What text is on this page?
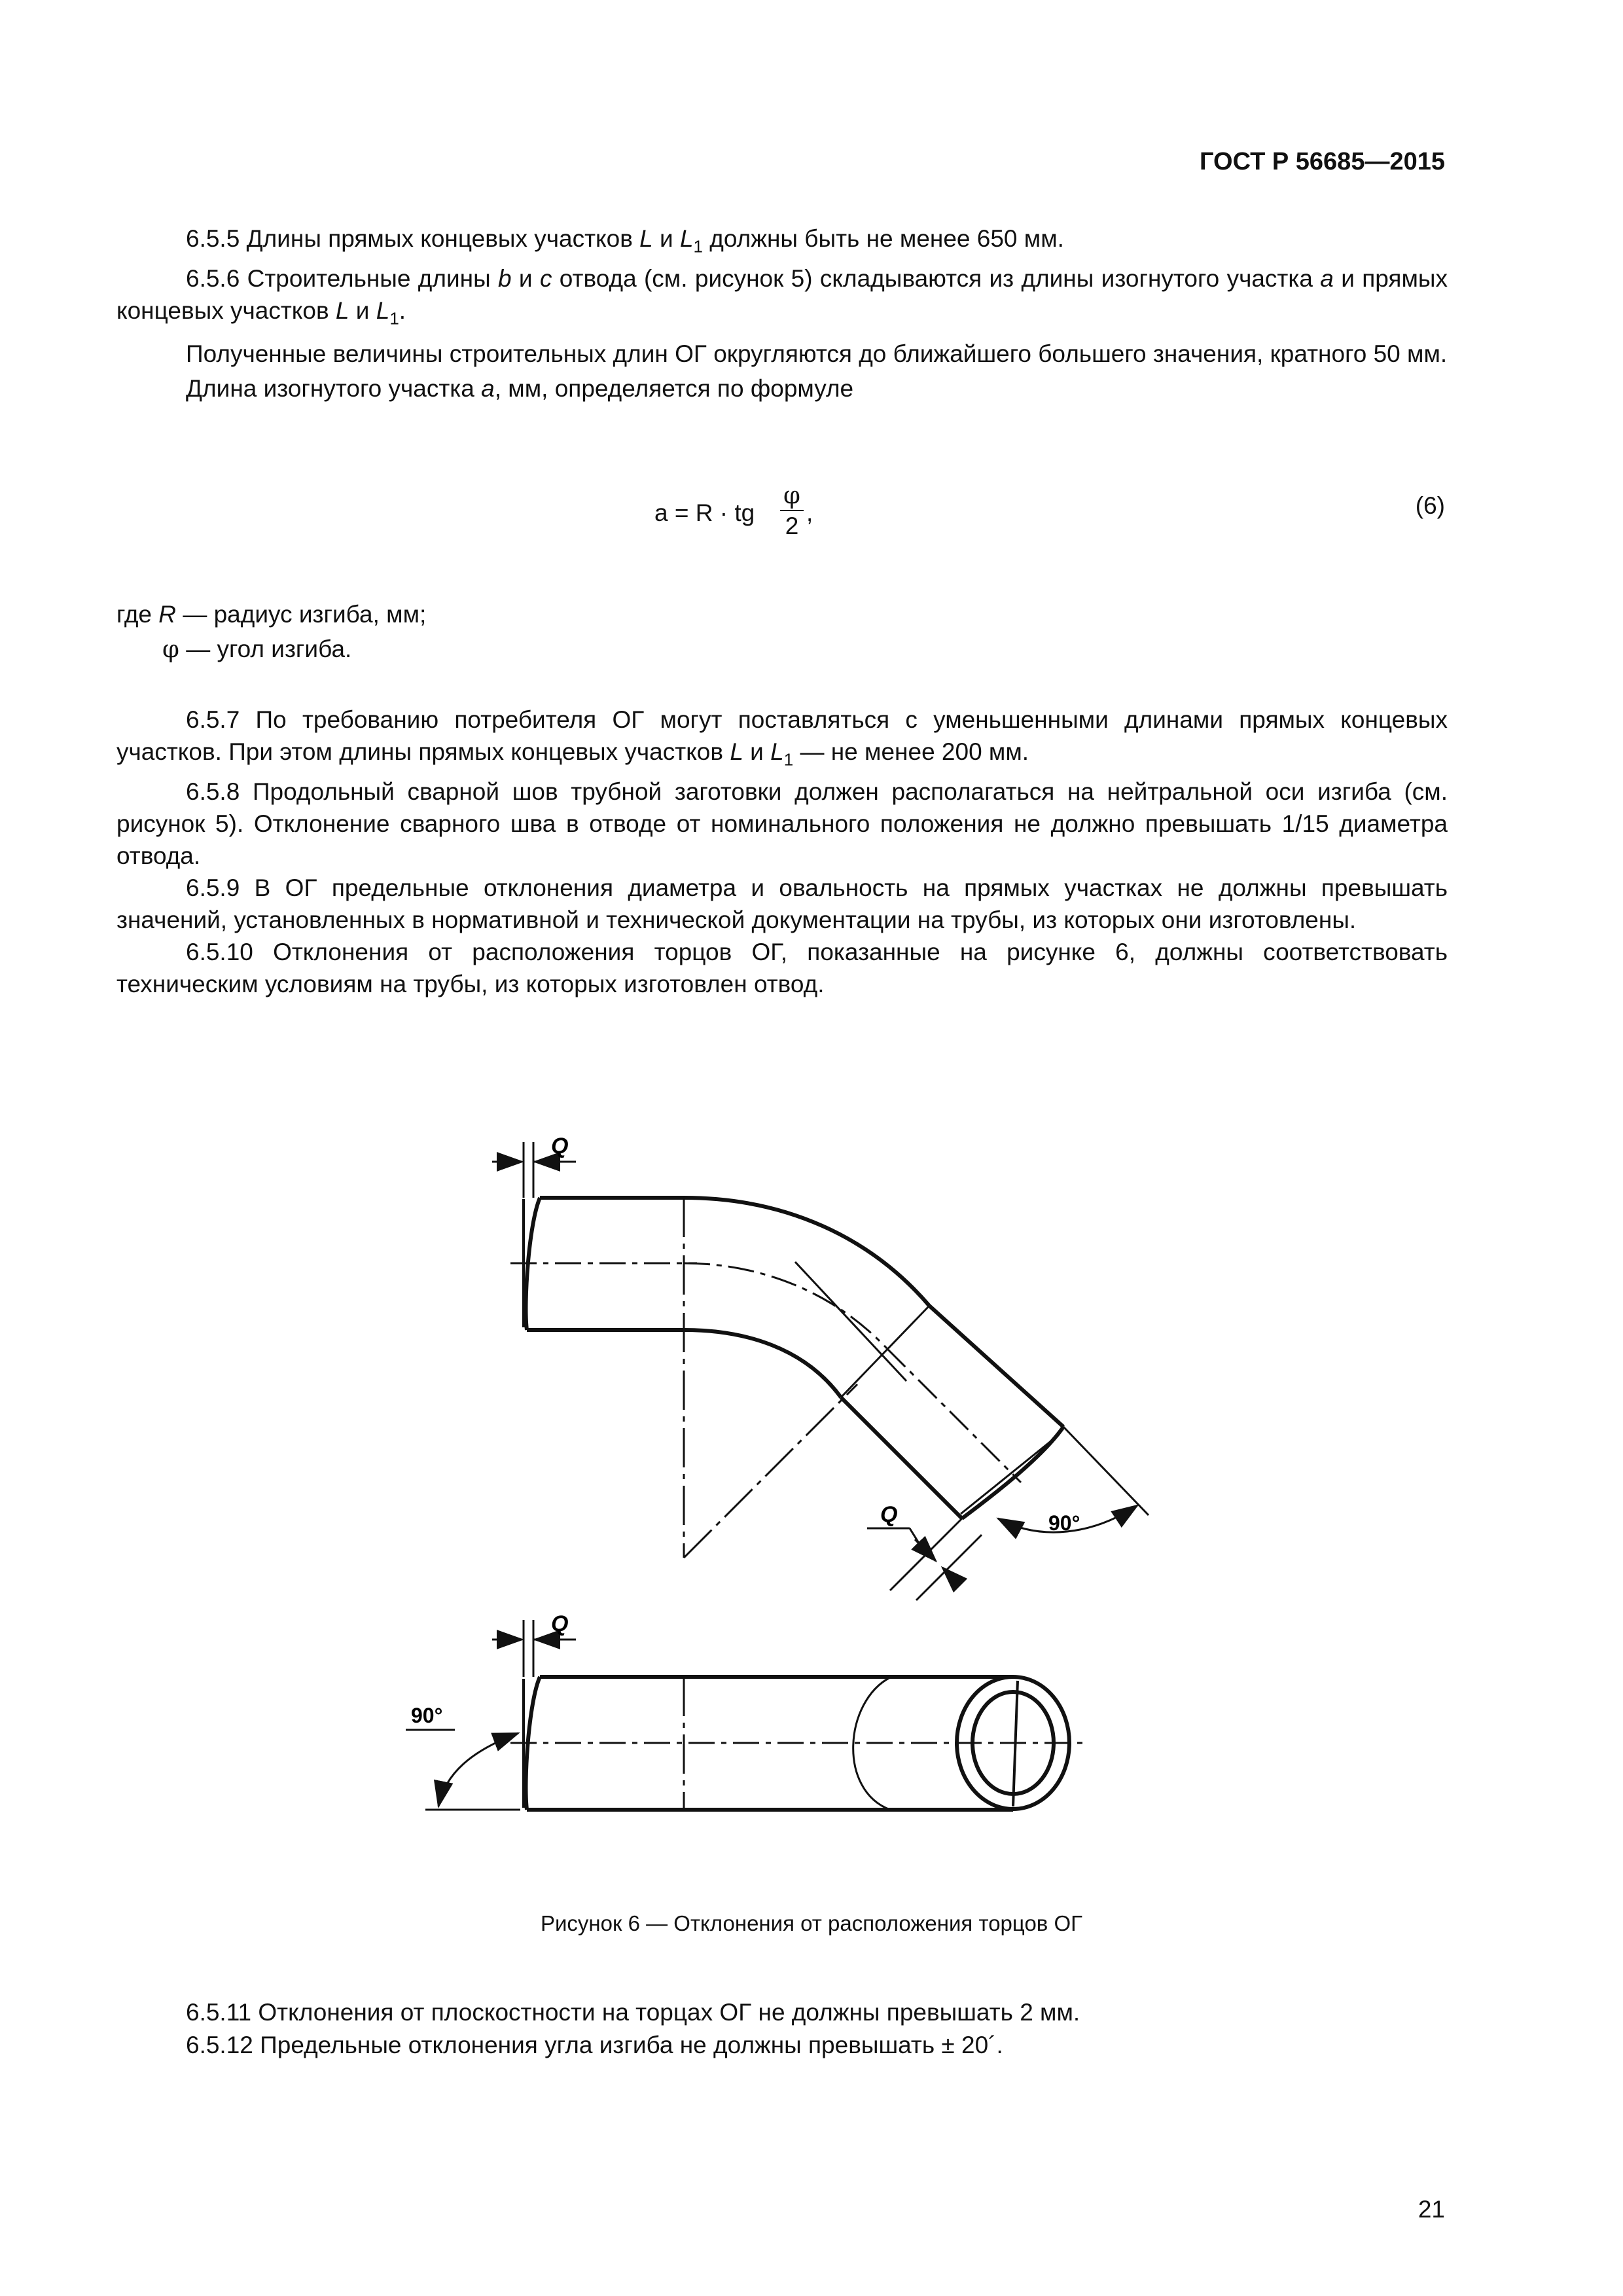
ГОСТ Р 56685—2015

6.5.5 Длины прямых концевых участков L и $L_1$ должны быть не менее 650 мм.

6.5.6 Строительные длины b и c отвода (см. рисунок 5) складываются из длины изогнутого участка a и прямых концевых участков L и $L_1$.

Полученные величины строительных длин ОГ округляются до ближайшего большего значения, кратного 50 мм.

Длина изогнутого участка a, мм, определяется по формуле

a = R · tg
φ
2 ,	(6)
где R — радиус изгиба, мм;
φ — угол изгиба.

6.5.7 По требованию потребителя ОГ могут поставляться с уменьшенными длинами прямых концевых участков. При этом длины прямых концевых участков L и $L_1$ — не менее 200 мм.

6.5.8 Продольный сварной шов трубной заготовки должен располагаться на нейтральной оси изгиба (см. рисунок 5). Отклонение сварного шва в отводе от номинального положения не должно превышать 1/15 диаметра отвода.

6.5.9 В ОГ предельные отклонения диаметра и овальность на прямых участках не должны превышать значений, установленных в нормативной и технической документации на трубы, из которых они изготовлены.

6.5.10 Отклонения от расположения торцов ОГ, показанные на рисунке 6, должны соответствовать техническим условиям на трубы, из которых изготовлен отвод.

Q
Q	90°
Q
90°
Рисунок 6 — Отклонения от расположения торцов ОГ
6.5.11 Отклонения от плоскостности на торцах ОГ не должны превышать 2 мм.
6.5.12 Предельные отклонения угла изгиба не должны превышать ± 20´.
21
